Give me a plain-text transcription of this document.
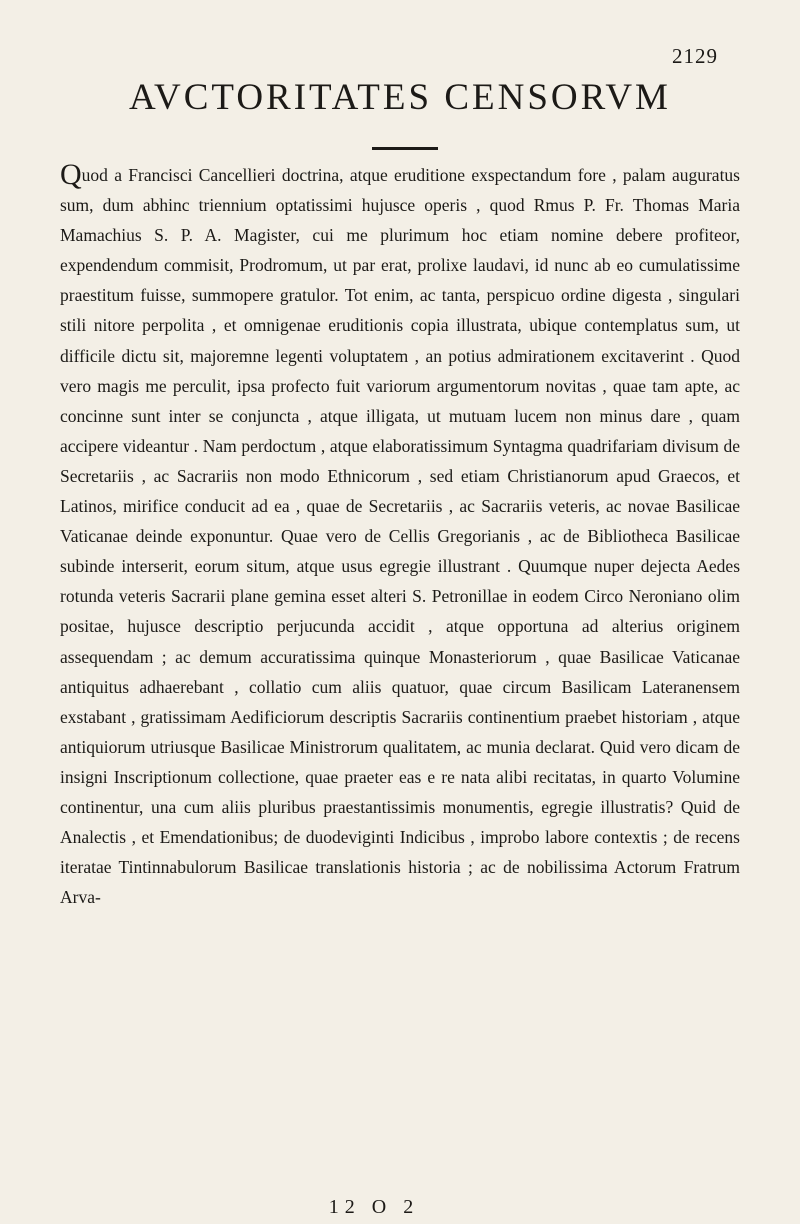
2129
AVCTORITATES CENSORVM

Quod a Francisci Cancellieri doctrina, atque eruditione exspectandum fore , palam auguratus sum, dum abhinc triennium optatissimi hujusce operis , quod Rmus P. Fr. Thomas Maria Mamachius S. P. A. Magister, cui me plurimum hoc etiam nomine debere profiteor, expendendum commisit, Prodromum, ut par erat, prolixe laudavi, id nunc ab eo cumulatissime praestitum fuisse, summopere gratulor. Tot enim, ac tanta, perspicuo ordine digesta , singulari stili nitore perpolita , et omnigenae eruditionis copia illustrata, ubique contemplatus sum, ut difficile dictu sit, majoremne legenti voluptatem , an potius admirationem excitaverint . Quod vero magis me perculit, ipsa profecto fuit variorum argumentorum novitas , quae tam apte, ac concinne sunt inter se conjuncta , atque illigata, ut mutuam lucem non minus dare , quam accipere videantur . Nam perdoctum , atque elaboratissimum Syntagma quadrifariam divisum de Secretariis , ac Sacrariis non modo Ethnicorum , sed etiam Christianorum apud Graecos, et Latinos, mirifice conducit ad ea , quae de Secretariis , ac Sacrariis veteris, ac novae Basilicae Vaticanae deinde exponuntur. Quae vero de Cellis Gregorianis , ac de Bibliotheca Basilicae subinde interserit, eorum situm, atque usus egregie illustrant . Quumque nuper dejecta Aedes rotunda veteris Sacrarii plane gemina esset alteri S. Petronillae in eodem Circo Neroniano olim positae, hujusce descriptio perjucunda accidit , atque opportuna ad alterius originem assequendam ; ac demum accuratissima quinque Monasteriorum , quae Basilicae Vaticanae antiquitus adhaerebant , collatio cum aliis quatuor, quae circum Basilicam Lateranensem exstabant , gratissimam Aedificiorum descriptis Sacrariis continentium praebet historiam , atque antiquiorum utriusque Basilicae Ministrorum qualitatem, ac munia declarat. Quid vero dicam de insigni Inscriptionum collectione, quae praeter eas e re nata alibi recitatas, in quarto Volumine continentur, una cum aliis pluribus praestantissimis monumentis, egregie illustratis? Quid de Analectis , et Emendationibus; de duodeviginti Indicibus , improbo labore contextis ; de recens iteratae Tintinnabulorum Basilicae translationis historia ; ac de nobilissima Actorum Fratrum Arva-

12 O 2
